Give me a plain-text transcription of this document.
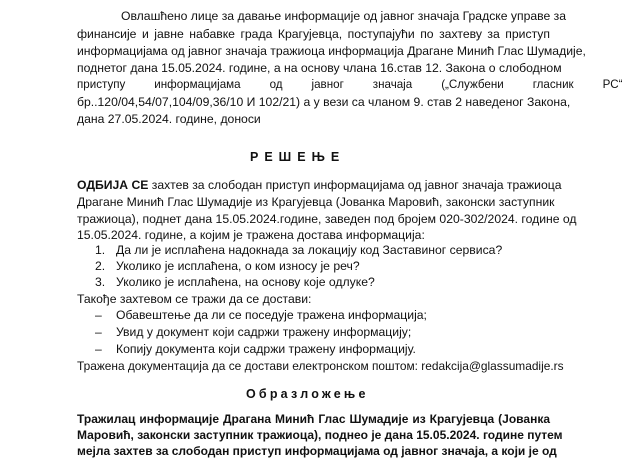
Овлашћено лице за давање информације од јавног значаја Градске управе за
финансије и јавне набавке града Крагујевца, поступајући по захтеву за приступ
информацијама од јавног значаја тражиоца информација Драгане Минић Глас Шумадије,
поднетог дана 15.05.2024. године, а на основу члана 16.став 12. Закона о слободном
приступу         информацијама         од         јавног         значаја         („Службени         гласник         РС“
бр..120/04,54/07,104/09,36/10 И 102/21) а у вези са чланом 9. став 2 наведеног Закона,
дана 27.05.2024. године, доноси
РЕШЕЊЕ
ОДБИЈА СЕ захтев за слободан приступ информацијама од јавног значаја тражиоца
Драгане Минић Глас Шумадије из Крагујевца (Јованка Маровић, законски заступник
тражиоца), поднет дана 15.05.2024.године, заведен под бројем 020-302/2024. године од
15.05.2024. године, а којим је тражена достава информација:
1. Да ли је исплаћена надокнада за локацију код Заставиног сервиса?
2. Уколико је исплаћена, о ком износу је реч?
3. Уколико је исплаћена, на основу које одлуке?
Такође захтевом се тражи да се достави:
– Обавештење да ли се поседује тражена информација;
– Увид у документ који садржи тражену информацију;
– Копију документа који садржи тражену информацију.
Тражена документација да се достави електронском поштом: redakcija@glassumadije.rs
Образложење
Тражилац информације Драгана Минић Глас Шумадије из Крагујевца (Јованка
Маровић, законски заступник тражиоца), поднео је дана 15.05.2024. године путем
мејла захтев за слободан приступ информацијама од јавног значаја, а који је од
